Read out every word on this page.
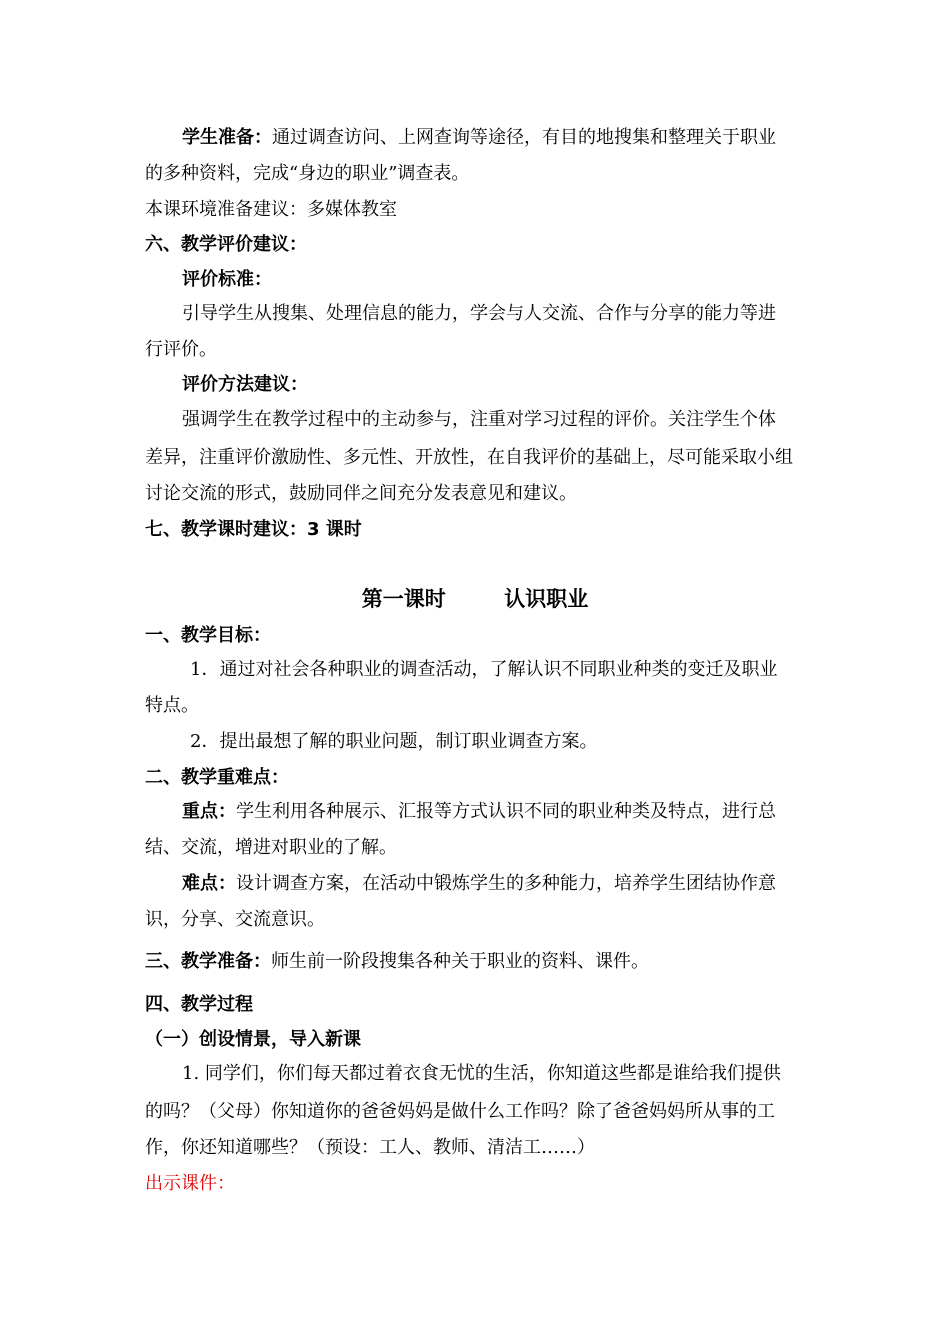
学生准备：通过调查访问、上网查询等途径，有目的地搜集和整理关于职业
的多种资料，完成“身边的职业”调查表。
本课环境准备建议：多媒体教室
六、教学评价建议：
评价标准：
引导学生从搜集、处理信息的能力，学会与人交流、合作与分享的能力等进
行评价。
评价方法建议：
强调学生在教学过程中的主动参与，注重对学习过程的评价。关注学生个体
差异，注重评价激励性、多元性、开放性，在自我评价的基础上，尽可能采取小组
讨论交流的形式，鼓励同伴之间充分发表意见和建议。
七、教学课时建议：3 课时
第一课时        认识职业
一、教学目标：
1．通过对社会各种职业的调查活动，了解认识不同职业种类的变迁及职业
特点。
2．提出最想了解的职业问题，制订职业调查方案。
二、教学重难点：
重点：学生利用各种展示、汇报等方式认识不同的职业种类及特点，进行总
结、交流，增进对职业的了解。
难点：设计调查方案，在活动中锻炼学生的多种能力，培养学生团结协作意
识，分享、交流意识。
三、教学准备：师生前一阶段搜集各种关于职业的资料、课件。
四、教学过程
（一）创设情景，导入新课
1. 同学们，你们每天都过着衣食无忧的生活，你知道这些都是谁给我们提供
的吗？（父母）你知道你的爸爸妈妈是做什么工作吗？除了爸爸妈妈所从事的工
作，你还知道哪些？（预设：工人、教师、清洁工……）
出示课件：
